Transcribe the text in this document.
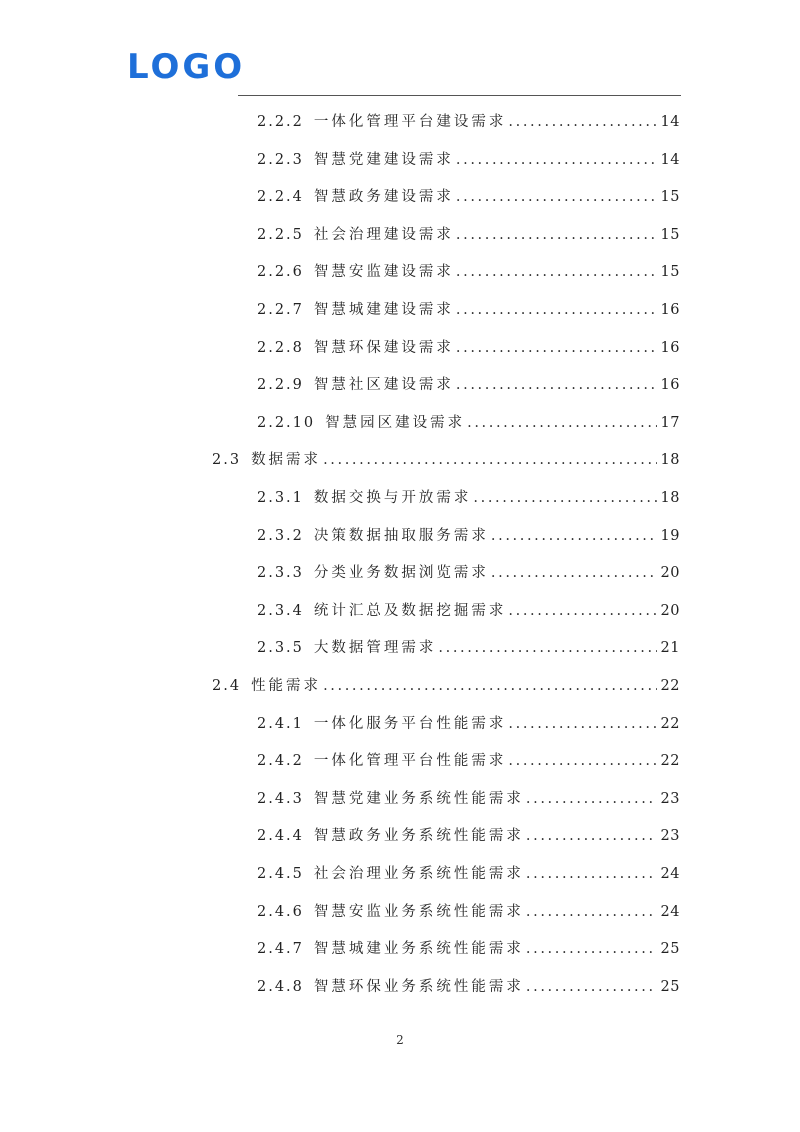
LOGO
2.2.2 一体化管理平台建设需求 .....	14
2.2.3 智慧党建建设需求 .....	14
2.2.4 智慧政务建设需求 .....	15
2.2.5 社会治理建设需求 .....	15
2.2.6 智慧安监建设需求 .....	15
2.2.7 智慧城建建设需求 .....	16
2.2.8 智慧环保建设需求 .....	16
2.2.9 智慧社区建设需求 .....	16
2.2.10 智慧园区建设需求 .....	17
2.3 数据需求 .....	18
2.3.1 数据交换与开放需求 .....	18
2.3.2 决策数据抽取服务需求 .....	19
2.3.3 分类业务数据浏览需求 .....	20
2.3.4 统计汇总及数据挖掘需求 .....	20
2.3.5 大数据管理需求 .....	21
2.4 性能需求 .....	22
2.4.1 一体化服务平台性能需求 .....	22
2.4.2 一体化管理平台性能需求 .....	22
2.4.3 智慧党建业务系统性能需求 .....	23
2.4.4 智慧政务业务系统性能需求 .....	23
2.4.5 社会治理业务系统性能需求 .....	24
2.4.6 智慧安监业务系统性能需求 .....	24
2.4.7 智慧城建业务系统性能需求 .....	25
2.4.8 智慧环保业务系统性能需求 .....	25
2
